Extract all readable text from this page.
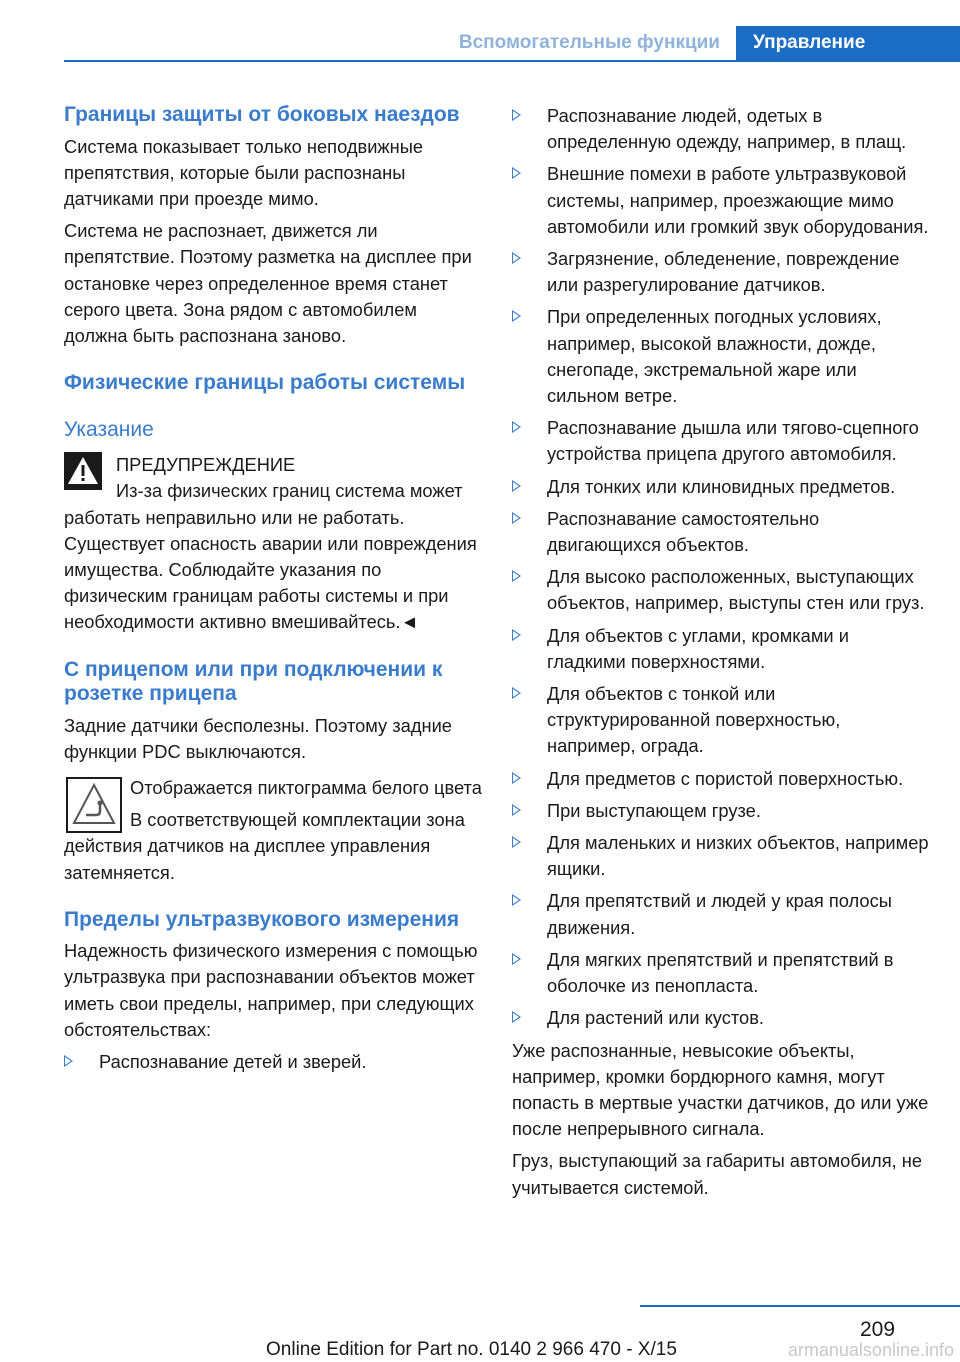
Вспомогательные функции	Управление
Границы защиты от боковых наездов

Система показывает только неподвижные препятствия, которые были распознаны датчиками при проезде мимо.

Система не распознает, движется ли препятствие. Поэтому разметка на дисплее при остановке через определенное время станет серого цвета. Зона рядом с автомобилем должна быть распознана заново.

Физические границы работы системы
Указание

ПРЕДУПРЕЖДЕНИЕ

Из-за физических границ система может работать неправильно или не работать. Существует опасность аварии или повреждения имущества. Соблюдайте указания по физическим границам работы системы и при необходимости активно вмешивайтесь.◄

С прицепом или при подключении к розетке прицепа

Задние датчики бесполезны. Поэтому задние функции PDC выключаются.

Отображается пиктограмма белого цвета

В соответствующей комплектации зона действия датчиков на дисплее управления затемняется.

Пределы ультразвукового измерения

Надежность физического измерения с помощью ультразвука при распознавании объектов может иметь свои пределы, например, при следующих обстоятельствах:

Распознавание детей и зверей.
Распознавание людей, одетых в определенную одежду, например, в плащ.
Внешние помехи в работе ультразвуковой системы, например, проезжающие мимо автомобили или громкий звук оборудования.
Загрязнение, обледенение, повреждение или разрегулирование датчиков.
При определенных погодных условиях, например, высокой влажности, дожде, снегопаде, экстремальной жаре или сильном ветре.
Распознавание дышла или тягово-сцепного устройства прицепа другого автомобиля.
Для тонких или клиновидных предметов.
Распознавание самостоятельно двигающихся объектов.
Для высоко расположенных, выступающих объектов, например, выступы стен или груз.
Для объектов с углами, кромками и гладкими поверхностями.
Для объектов с тонкой или структурированной поверхностью, например, ограда.
Для предметов с пористой поверхностью.
При выступающем грузе.
Для маленьких и низких объектов, например ящики.
Для препятствий и людей у края полосы движения.
Для мягких препятствий и препятствий в оболочке из пенопласта.
Для растений или кустов.

Уже распознанные, невысокие объекты, например, кромки бордюрного камня, могут попасть в мертвые участки датчиков, до или уже после непрерывного сигнала.

Груз, выступающий за габариты автомобиля, не учитывается системой.

209
Online Edition for Part no. 0140 2 966 470 - X/15	armanualsonline.info
